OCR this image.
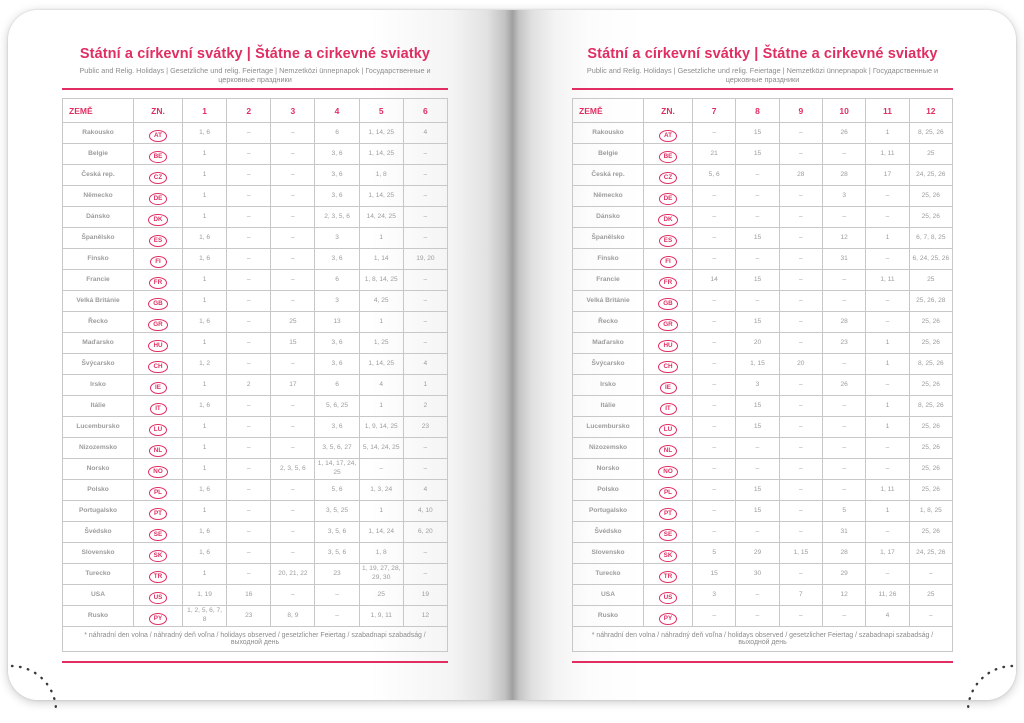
Státní a církevní svátky | Štátne a cirkevné sviatky

Public and Relig. Holidays | Gesetzliche und relig. Feiertage | Nemzetközi ünnepnapok | Государственные и церковные праздники

ZEMĚ	ZN.	1	2	3	4	5	6
Rakousko	AT	1, 6	–	–	6	1, 14, 25	4
Belgie	BE	1	–	–	3, 6	1, 14, 25	–
Česká rep.	CZ	1	–	–	3, 6	1, 8	–
Německo	DE	1	–	–	3, 6	1, 14, 25	–
Dánsko	DK	1	–	–	2, 3, 5, 6	14, 24, 25	–
Španělsko	ES	1, 6	–	–	3	1	–
Finsko	FI	1, 6	–	–	3, 6	1, 14	19, 20
Francie	FR	1	–	–	6	1, 8, 14, 25	–
Velká Británie	GB	1	–	–	3	4, 25	–
Řecko	GR	1, 6	–	25	13	1	–
Maďarsko	HU	1	–	15	3, 6	1, 25	–
Švýcarsko	CH	1, 2	–	–	3, 6	1, 14, 25	4
Irsko	IE	1	2	17	6	4	1
Itálie	IT	1, 6	–	–	5, 6, 25	1	2
Lucembursko	LU	1	–	–	3, 6	1, 9, 14, 25	23
Nizozemsko	NL	1	–	–	3, 5, 6, 27	5, 14, 24, 25	–
Norsko	NO	1	–	2, 3, 5, 6	1, 14, 17, 24, 25	–	–
Polsko	PL	1, 6	–	–	5, 6	1, 3, 24	4
Portugalsko	PT	1	–	–	3, 5, 25	1	4, 10
Švédsko	SE	1, 6	–	–	3, 5, 6	1, 14, 24	6, 20
Slovensko	SK	1, 6	–	–	3, 5, 6	1, 8	–
Turecko	TR	1	–	20, 21, 22	23	1, 19, 27, 28, 29, 30	–
USA	US	1, 19	16	–	–	25	19
Rusko	PY	1, 2, 5, 6, 7, 8	23	8, 9	–	1, 9, 11	12
* náhradní den volna / náhradný deň voľna / holidays observed / gesetzlicher Feiertag / szabadnapi szabadság / выходной день							
Státní a církevní svátky | Štátne a cirkevné sviatky

Public and Relig. Holidays | Gesetzliche und relig. Feiertage | Nemzetközi ünnepnapok | Государственные и церковные праздники

ZEMĚ	ZN.	7	8	9	10	11	12
Rakousko	AT	–	15	–	26	1	8, 25, 26
Belgie	BE	21	15	–	–	1, 11	25
Česká rep.	CZ	5, 6	–	28	28	17	24, 25, 26
Německo	DE	–	–	–	3	–	25, 26
Dánsko	DK	–	–	–	–	–	25, 26
Španělsko	ES	–	15	–	12	1	6, 7, 8, 25
Finsko	FI	–	–	–	31	–	6, 24, 25, 26
Francie	FR	14	15	–	–	1, 11	25
Velká Británie	GB	–	–	–	–	–	25, 26, 28
Řecko	GR	–	15	–	28	–	25, 26
Maďarsko	HU	–	20	–	23	1	25, 26
Švýcarsko	CH	–	1, 15	20	–	1	8, 25, 26
Irsko	IE	–	3	–	26	–	25, 26
Itálie	IT	–	15	–	–	1	8, 25, 26
Lucembursko	LU	–	15	–	–	1	25, 26
Nizozemsko	NL	–	–	–	–	–	25, 26
Norsko	NO	–	–	–	–	–	25, 26
Polsko	PL	–	15	–	–	1, 11	25, 26
Portugalsko	PT	–	15	–	5	1	1, 8, 25
Švédsko	SE	–	–	–	31	–	25, 26
Slovensko	SK	5	29	1, 15	28	1, 17	24, 25, 26
Turecko	TR	15	30	–	29	–	–
USA	US	3	–	7	12	11, 26	25
Rusko	PY	–	–	–	–	4	–
* náhradní den volna / náhradný deň voľna / holidays observed / gesetzlicher Feiertag / szabadnapi szabadság / выходной день							
